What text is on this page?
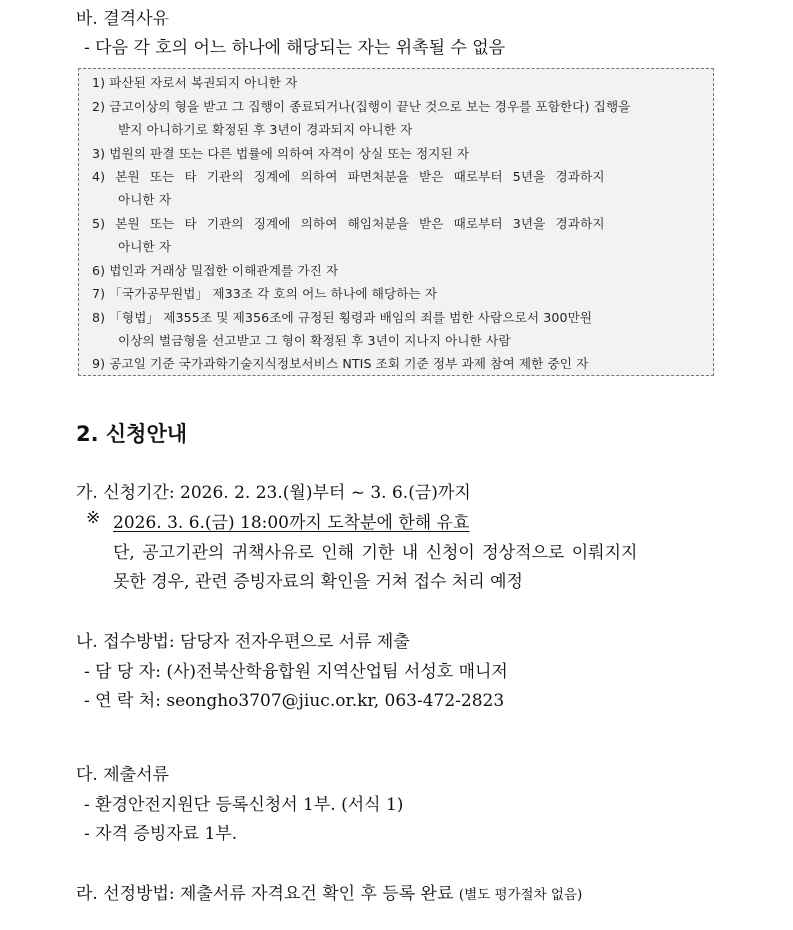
바. 결격사유
- 다음 각 호의 어느 하나에 해당되는 자는 위촉될 수 없음
1) 파산된 자로서 복권되지 아니한 자
2) 금고이상의 형을 받고 그 집행이 종료되거나(집행이 끝난 것으로 보는 경우를 포함한다) 집행을
받지 아니하기로 확정된 후 3년이 경과되지 아니한 자
3) 법원의 판결 또는 다른 법률에 의하여 자격이 상실 또는 정지된 자
4) 본원 또는 타 기관의 징계에 의하여 파면처분을 받은 때로부터 5년을 경과하지
아니한 자
5) 본원 또는 타 기관의 징계에 의하여 해임처분을 받은 때로부터 3년을 경과하지
아니한 자
6) 법인과 거래상 밀접한 이해관계를 가진 자
7) 「국가공무원법」 제33조 각 호의 어느 하나에 해당하는 자
8) 「형법」 제355조 및 제356조에 규정된 횡령과 배임의 죄를 범한 사람으로서 300만원
이상의 벌금형을 선고받고 그 형이 확정된 후 3년이 지나지 아니한 사람
9) 공고일 기준 국가과학기술지식정보서비스 NTIS 조회 기준 정부 과제 참여 제한 중인 자
2. 신청안내
가. 신청기간: 2026. 2. 23.(월)부터 ~ 3. 6.(금)까지
※ 2026. 3. 6.(금) 18:00까지 도착분에 한해 유효
단, 공고기관의 귀책사유로 인해 기한 내 신청이 정상적으로 이뤄지지
못한 경우, 관련 증빙자료의 확인을 거쳐 접수 처리 예정
나. 접수방법: 담당자 전자우편으로 서류 제출
- 담 당 자: (사)전북산학융합원 지역산업팀 서성호 매니저
- 연 락 처: seongho3707@jiuc.or.kr, 063-472-2823
다. 제출서류
- 환경안전지원단 등록신청서 1부. (서식 1)
- 자격 증빙자료 1부.
라. 선정방법: 제출서류 자격요건 확인 후 등록 완료 (별도 평가절차 없음)
